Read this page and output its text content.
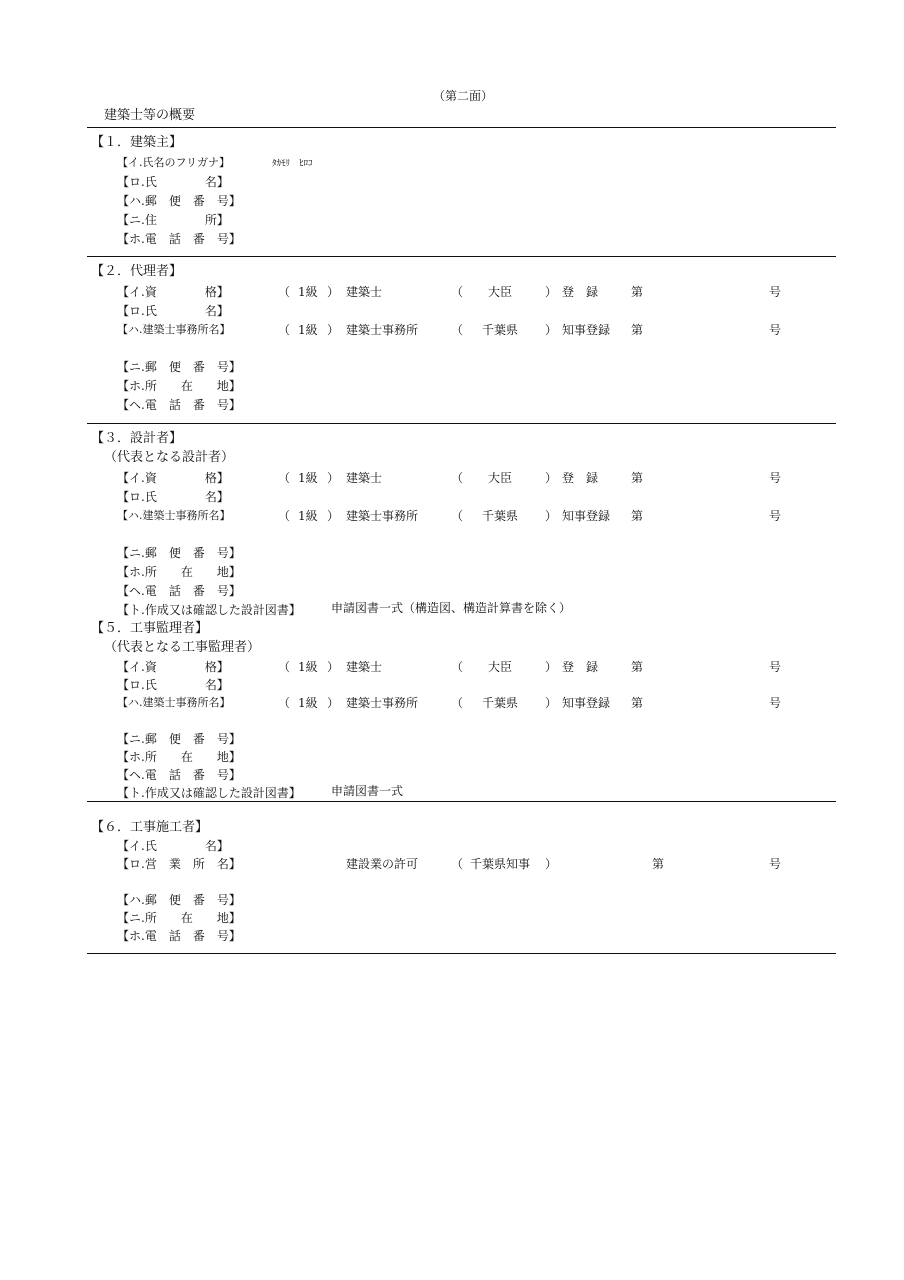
（第二面）
建築士等の概要
【１．建築主】
【イ.氏名のフリガナ】	ﾀｶﾓﾘ　ﾋﾛｺ
【ロ.氏　　　　名】
【ハ.郵　便　番　号】
【ニ.住　　　　所】
【ホ.電　話　番　号】
【２．代理者】
【イ.資　　　　格】	（ 1級 ） 建築士	（ 大臣	） 登　録	第	号
【ロ.氏　　　　名】
【ハ.建築士事務所名】	（ 1級 ） 建築士事務所	（ 千葉県 ） 知事登録 第	号
【ニ.郵　便　番　号】
【ホ.所　　在　　地】
【ヘ.電　話　番　号】
【３．設計者】
（代表となる設計者）
【イ.資　　　　格】	（ 1級 ） 建築士	（ 大臣	） 登　録	第	号
【ロ.氏　　　　名】
【ハ.建築士事務所名】	（ 1級 ） 建築士事務所	（ 千葉県 ） 知事登録 第	号
【ニ.郵　便　番　号】
【ホ.所　　在　　地】
【ヘ.電　話　番　号】
【ト.作成又は確認した設計図書】	申請図書一式（構造図、構造計算書を除く）
【５．工事監理者】
（代表となる工事監理者）
【イ.資　　　　格】	（ 1級 ） 建築士	（ 大臣	） 登　録	第	号
【ロ.氏　　　　名】
【ハ.建築士事務所名】	（ 1級 ） 建築士事務所	（ 千葉県 ） 知事登録 第	号
【ニ.郵　便　番　号】
【ホ.所　　在　　地】
【ヘ.電　話　番　号】
【ト.作成又は確認した設計図書】	申請図書一式
【６．工事施工者】
【イ.氏　　　　名】
【ロ.営　業　所　名】	建設業の許可	（ 千葉県知事 ）	第	号
【ハ.郵　便　番　号】
【ニ.所　　在　　地】
【ホ.電　話　番　号】
